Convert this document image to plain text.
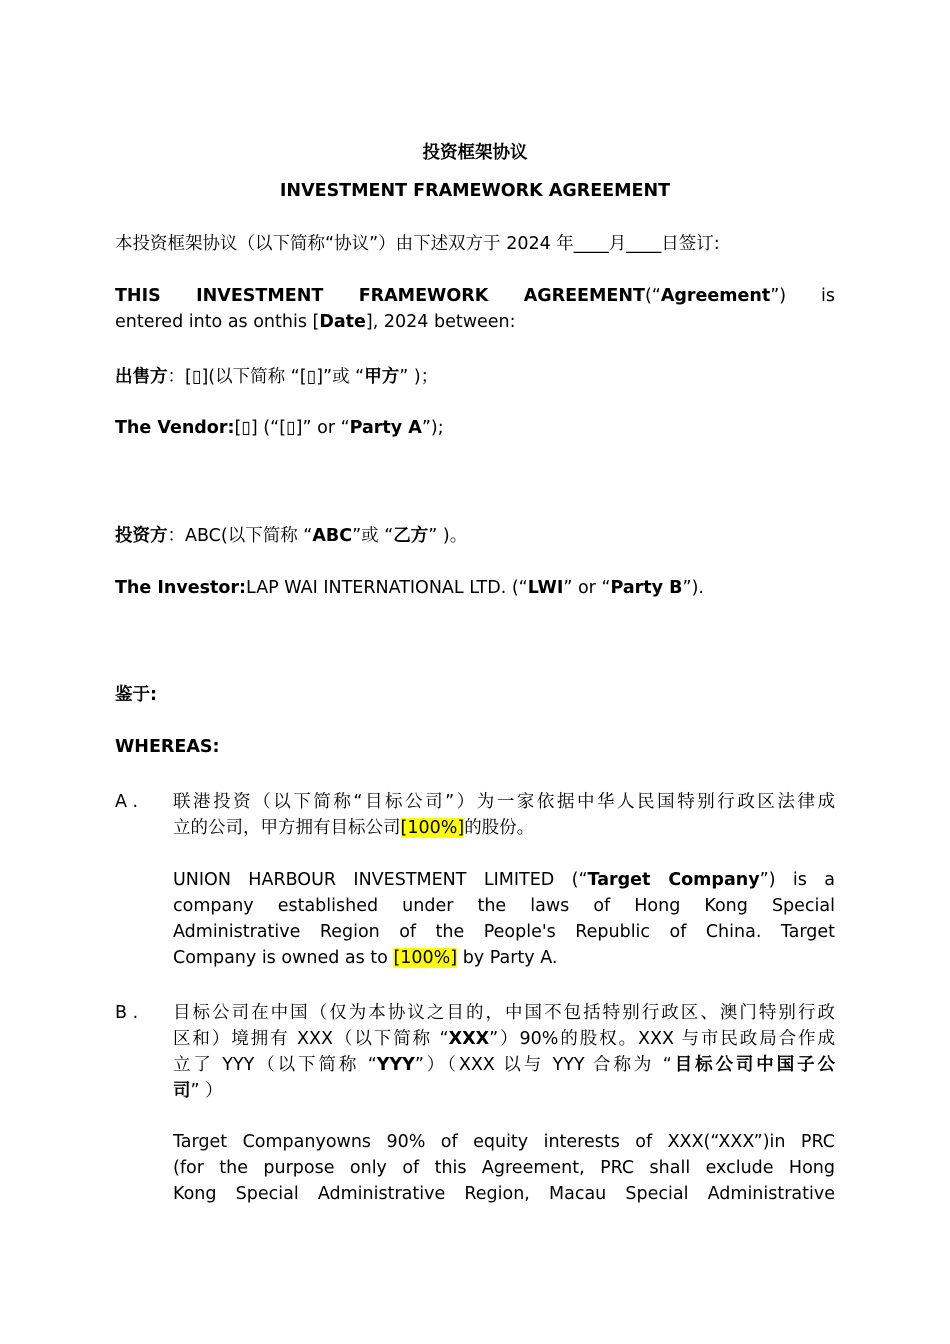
投资框架协议
INVESTMENT FRAMEWORK AGREEMENT
本投资框架协议（以下简称“协议”）由下述双方于 2024 年____月____日签订:
THIS INVESTMENT FRAMEWORK AGREEMENT(“Agreement”) is
entered into as onthis [Date], 2024 between:
出售方：[▯](以下简称 “[▯]”或 “甲方” )；
The Vendor:[▯] (“[▯]” or “Party A”);
投资方：ABC(以下简称 “ABC”或 “乙方” )。
The Investor:LAP WAI INTERNATIONAL LTD. (“LWI” or “Party B”).
鉴于:
WHEREAS:
A . 联港投资（以下简称“目标公司”）为一家依据中华人民国特别行政区法律成
立的公司，甲方拥有目标公司[100%]的股份。
UNION HARBOUR INVESTMENT LIMITED (“Target Company”) is a
company established under the laws of Hong Kong Special
Administrative Region of the People's Republic of China. Target
Company is owned as to [100%] by Party A.
B . 目标公司在中国（仅为本协议之目的，中国不包括特别行政区、澳门特别行政
区和）境拥有 XXX（以下简称 “XXX”）90%的股权。XXX 与市民政局合作成
立了 YYY（以下简称 “YYY”）（XXX 以与 YYY 合称为 “目标公司中国子公
司” ）
Target Companyowns 90% of equity interests of XXX(“XXX”)in PRC
(for the purpose only of this Agreement, PRC shall exclude Hong
Kong Special Administrative Region, Macau Special Administrative
